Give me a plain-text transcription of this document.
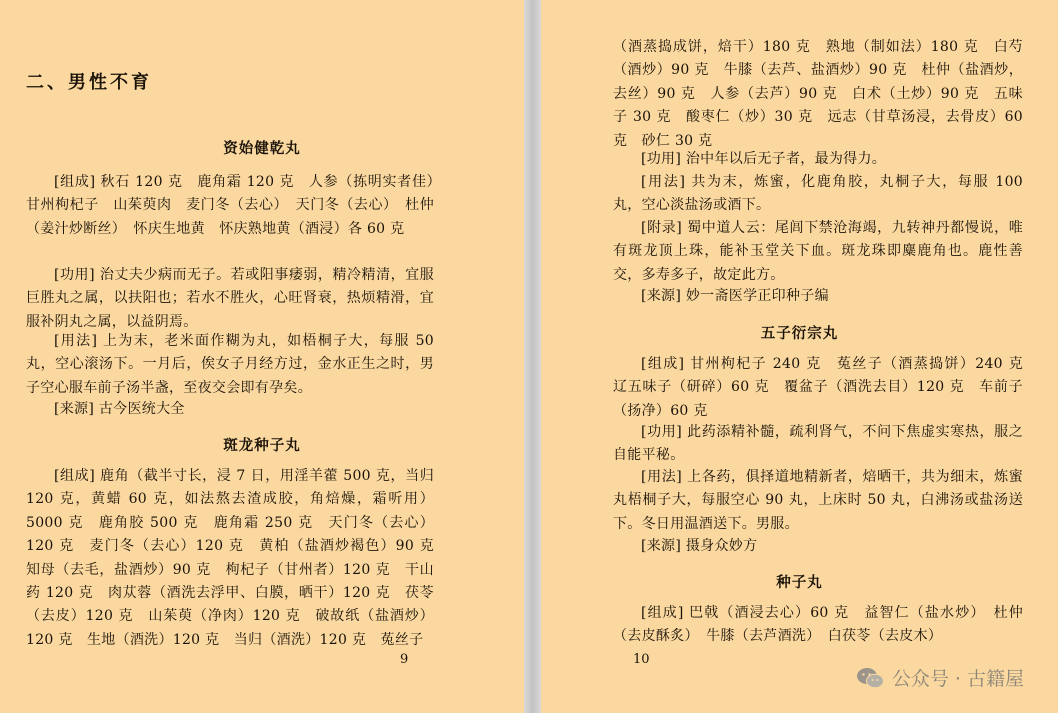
二、男性不育
资始健乾丸

[组成] 秋石 120 克　鹿角霜 120 克　人参（拣明实者佳）　甘州枸杞子　山茱萸肉　麦门冬（去心）　天门冬（去心）　杜仲（姜汁炒断丝）　怀庆生地黄　怀庆熟地黄（酒浸）各 60 克

[功用] 治丈夫少病而无子。若或阳事痿弱，精冷精清，宜服巨胜丸之属，以扶阳也；若水不胜火，心旺肾衰，热烦精滑，宜服补阴丸之属，以益阴焉。

[用法] 上为末，老米面作糊为丸，如梧桐子大，每服 50 丸，空心滚汤下。一月后，俟女子月经方过，金水正生之时，男子空心服车前子汤半盏，至夜交会即有孕矣。

[来源] 古今医统大全

斑龙种子丸

[组成] 鹿角（截半寸长，浸 7 日，用淫羊藿 500 克，当归 120 克，黄蜡 60 克，如法熬去渣成胶，角焙燥，霜听用）5000 克　鹿角胶 500 克　鹿角霜 250 克　天门冬（去心）120 克　麦门冬（去心）120 克　黄柏（盐酒炒褐色）90 克　知母（去毛，盐酒炒）90 克　枸杞子（甘州者）120 克　干山药 120 克　肉苁蓉（酒洗去浮甲、白膜，晒干）120 克　茯苓（去皮）120 克　山茱萸（净肉）120 克　破故纸（盐酒炒）120 克　生地（酒洗）120 克　当归（酒洗）120 克　菟丝子

9

（酒蒸捣成饼，焙干）180 克　熟地（制如法）180 克　白芍（酒炒）90 克　牛膝（去芦、盐酒炒）90 克　杜仲（盐酒炒，去丝）90 克　人参（去芦）90 克　白术（土炒）90 克　五味子 30 克　酸枣仁（炒）30 克　远志（甘草汤浸，去骨皮）60 克　砂仁 30 克

[功用] 治中年以后无子者，最为得力。

[用法] 共为末，炼蜜，化鹿角胶，丸桐子大，每服 100 丸，空心淡盐汤或酒下。

[附录] 蜀中道人云：尾闾下禁沧海竭，九转神丹都慢说，唯有斑龙顶上珠，能补玉堂关下血。斑龙珠即麋鹿角也。鹿性善交，多寿多子，故定此方。

[来源] 妙一斋医学正印种子编

五子衍宗丸

[组成] 甘州枸杞子 240 克　菟丝子（酒蒸捣饼）240 克　辽五味子（研碎）60 克　覆盆子（酒洗去目）120 克　车前子（扬净）60 克

[功用] 此药添精补髓，疏利肾气，不问下焦虚实寒热，服之自能平秘。

[用法] 上各药，俱择道地精新者，焙晒干，共为细末，炼蜜丸梧桐子大，每服空心 90 丸，上床时 50 丸，白沸汤或盐汤送下。冬日用温酒送下。男服。

[来源] 摄身众妙方

种子丸

[组成] 巴戟（酒浸去心）60 克　益智仁（盐水炒）　杜仲（去皮酥炙）　牛膝（去芦酒洗）　白茯苓（去皮木）

10
公众号 · 古籍屋
